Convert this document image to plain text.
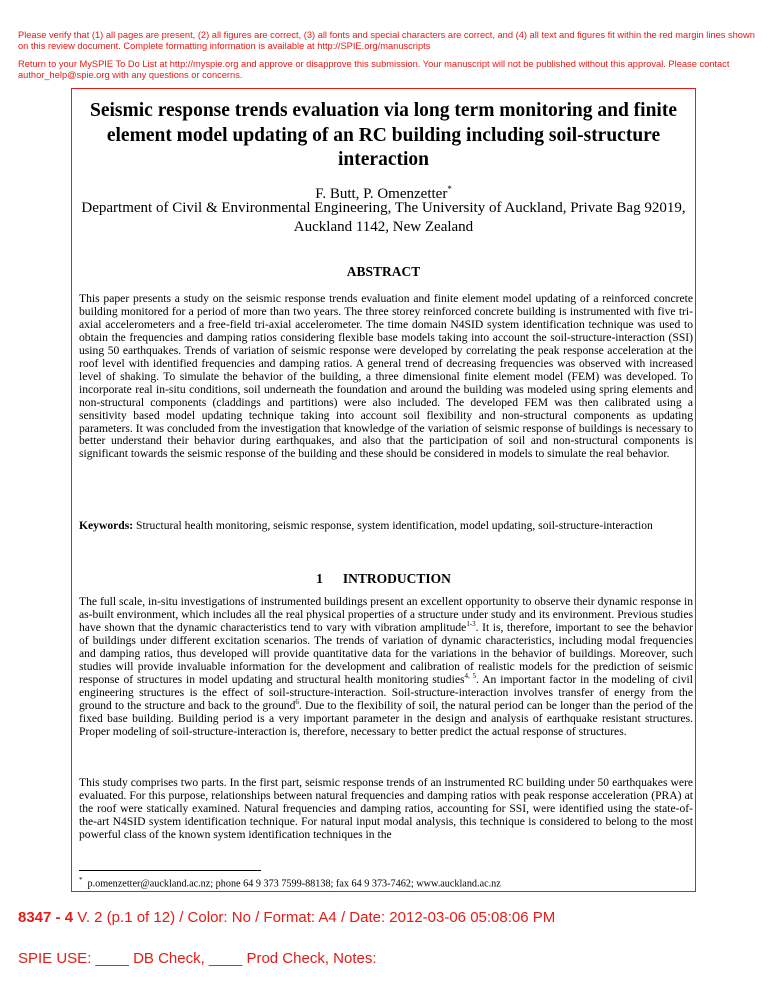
Please verify that (1) all pages are present, (2) all figures are correct, (3) all fonts and special characters are correct, and (4) all text and figures fit within the red margin lines shown on this review document. Complete formatting information is available at http://SPIE.org/manuscripts
Return to your MySPIE To Do List at http://myspie.org and approve or disapprove this submission. Your manuscript will not be published without this approval. Please contact author_help@spie.org with any questions or concerns.
Seismic response trends evaluation via long term monitoring and finite element model updating of an RC building including soil-structure interaction
F. Butt, P. Omenzetter*
Department of Civil & Environmental Engineering, The University of Auckland, Private Bag 92019, Auckland 1142, New Zealand
ABSTRACT
This paper presents a study on the seismic response trends evaluation and finite element model updating of a reinforced concrete building monitored for a period of more than two years. The three storey reinforced concrete building is instrumented with five tri-axial accelerometers and a free-field tri-axial accelerometer. The time domain N4SID system identification technique was used to obtain the frequencies and damping ratios considering flexible base models taking into account the soil-structure-interaction (SSI) using 50 earthquakes. Trends of variation of seismic response were developed by correlating the peak response acceleration at the roof level with identified frequencies and damping ratios. A general trend of decreasing frequencies was observed with increased level of shaking. To simulate the behavior of the building, a three dimensional finite element model (FEM) was developed. To incorporate real in-situ conditions, soil underneath the foundation and around the building was modeled using spring elements and non-structural components (claddings and partitions) were also included. The developed FEM was then calibrated using a sensitivity based model updating technique taking into account soil flexibility and non-structural components as updating parameters. It was concluded from the investigation that knowledge of the variation of seismic response of buildings is necessary to better understand their behavior during earthquakes, and also that the participation of soil and non-structural components is significant towards the seismic response of the building and these should be considered in models to simulate the real behavior.
Keywords: Structural health monitoring, seismic response, system identification, model updating, soil-structure-interaction
1 INTRODUCTION
The full scale, in-situ investigations of instrumented buildings present an excellent opportunity to observe their dynamic response in as-built environment, which includes all the real physical properties of a structure under study and its environment. Previous studies have shown that the dynamic characteristics tend to vary with vibration amplitude$^{1-3}$. It is, therefore, important to see the behavior of buildings under different excitation scenarios. The trends of variation of dynamic characteristics, including modal frequencies and damping ratios, thus developed will provide quantitative data for the variations in the behavior of buildings. Moreover, such studies will provide invaluable information for the development and calibration of realistic models for the prediction of seismic response of structures in model updating and structural health monitoring studies$^{4, 5}$. An important factor in the modeling of civil engineering structures is the effect of soil-structure-interaction. Soil-structure-interaction involves transfer of energy from the ground to the structure and back to the ground$^6$. Due to the flexibility of soil, the natural period can be longer than the period of the fixed base building. Building period is a very important parameter in the design and analysis of earthquake resistant structures. Proper modeling of soil-structure-interaction is, therefore, necessary to better predict the actual response of structures.
This study comprises two parts. In the first part, seismic response trends of an instrumented RC building under 50 earthquakes were evaluated. For this purpose, relationships between natural frequencies and damping ratios with peak response acceleration (PRA) at the roof were statically examined. Natural frequencies and damping ratios, accounting for SSI, were identified using the state-of-the-art N4SID system identification technique. For natural input modal analysis, this technique is considered to belong to the most powerful class of the known system identification techniques in the
* p.omenzetter@auckland.ac.nz; phone 64 9 373 7599-88138; fax 64 9 373-7462; www.auckland.ac.nz
8347 - 4 V. 2 (p.1 of 12) / Color: No / Format: A4 / Date: 2012-03-06 05:08:06 PM
SPIE USE: ____ DB Check, ____ Prod Check, Notes:
